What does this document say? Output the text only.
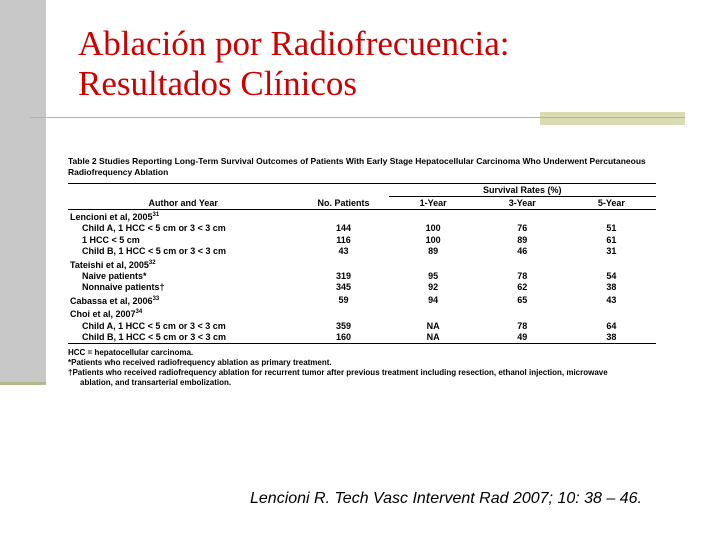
Ablación por Radiofrecuencia:
Resultados Clínicos
Table 2 Studies Reporting Long-Term Survival Outcomes of Patients With Early Stage Hepatocellular Carcinoma Who Underwent Percutaneous Radiofrequency Ablation

		Survival Rates (%)		
Author and Year	No. Patients	1-Year	3-Year	5-Year
Lencioni et al, 2005$^{31}$				
Child A, 1 HCC < 5 cm or 3 < 3 cm	144	100	76	51
1 HCC < 5 cm	116	100	89	61
Child B, 1 HCC < 5 cm or 3 < 3 cm	43	89	46	31
Tateishi et al, 2005$^{32}$				
Naive patients*	319	95	78	54
Nonnaive patients†	345	92	62	38
Cabassa et al, 2006$^{33}$	59	94	65	43
Choi et al, 2007$^{34}$				
Child A, 1 HCC < 5 cm or 3 < 3 cm	359	NA	78	64
Child B, 1 HCC < 5 cm or 3 < 3 cm	160	NA	49	38
HCC = hepatocellular carcinoma.
*Patients who received radiofrequency ablation as primary treatment.
†Patients who received radiofrequency ablation for recurrent tumor after previous treatment including resection, ethanol injection, microwave
ablation, and transarterial embolization.
Lencioni R. Tech Vasc Intervent Rad 2007; 10: 38 – 46.
